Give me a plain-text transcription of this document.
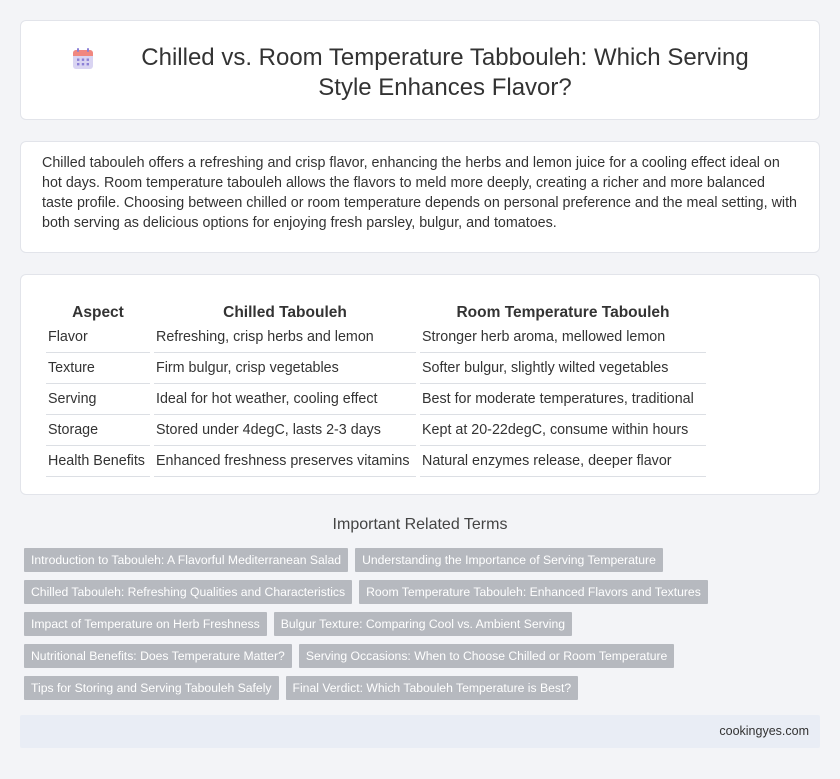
Chilled vs. Room Temperature Tabbouleh: Which Serving Style Enhances Flavor?

Chilled tabouleh offers a refreshing and crisp flavor, enhancing the herbs and lemon juice for a cooling effect ideal on hot days. Room temperature tabouleh allows the flavors to meld more deeply, creating a richer and more balanced taste profile. Choosing between chilled or room temperature depends on personal preference and the meal setting, with both serving as delicious options for enjoying fresh parsley, bulgur, and tomatoes.

Aspect	Chilled Tabouleh	Room Temperature Tabouleh
Flavor	Refreshing, crisp herbs and lemon	Stronger herb aroma, mellowed lemon
Texture	Firm bulgur, crisp vegetables	Softer bulgur, slightly wilted vegetables
Serving	Ideal for hot weather, cooling effect	Best for moderate temperatures, traditional
Storage	Stored under 4degC, lasts 2-3 days	Kept at 20-22degC, consume within hours
Health Benefits	Enhanced freshness preserves vitamins	Natural enzymes release, deeper flavor
Important Related Terms
Introduction to Tabouleh: A Flavorful Mediterranean Salad Understanding the Importance of Serving Temperature
Chilled Tabouleh: Refreshing Qualities and Characteristics Room Temperature Tabouleh: Enhanced Flavors and Textures
Impact of Temperature on Herb Freshness Bulgur Texture: Comparing Cool vs. Ambient Serving
Nutritional Benefits: Does Temperature Matter? Serving Occasions: When to Choose Chilled or Room Temperature
Tips for Storing and Serving Tabouleh Safely Final Verdict: Which Tabouleh Temperature is Best?
cookingyes.com
